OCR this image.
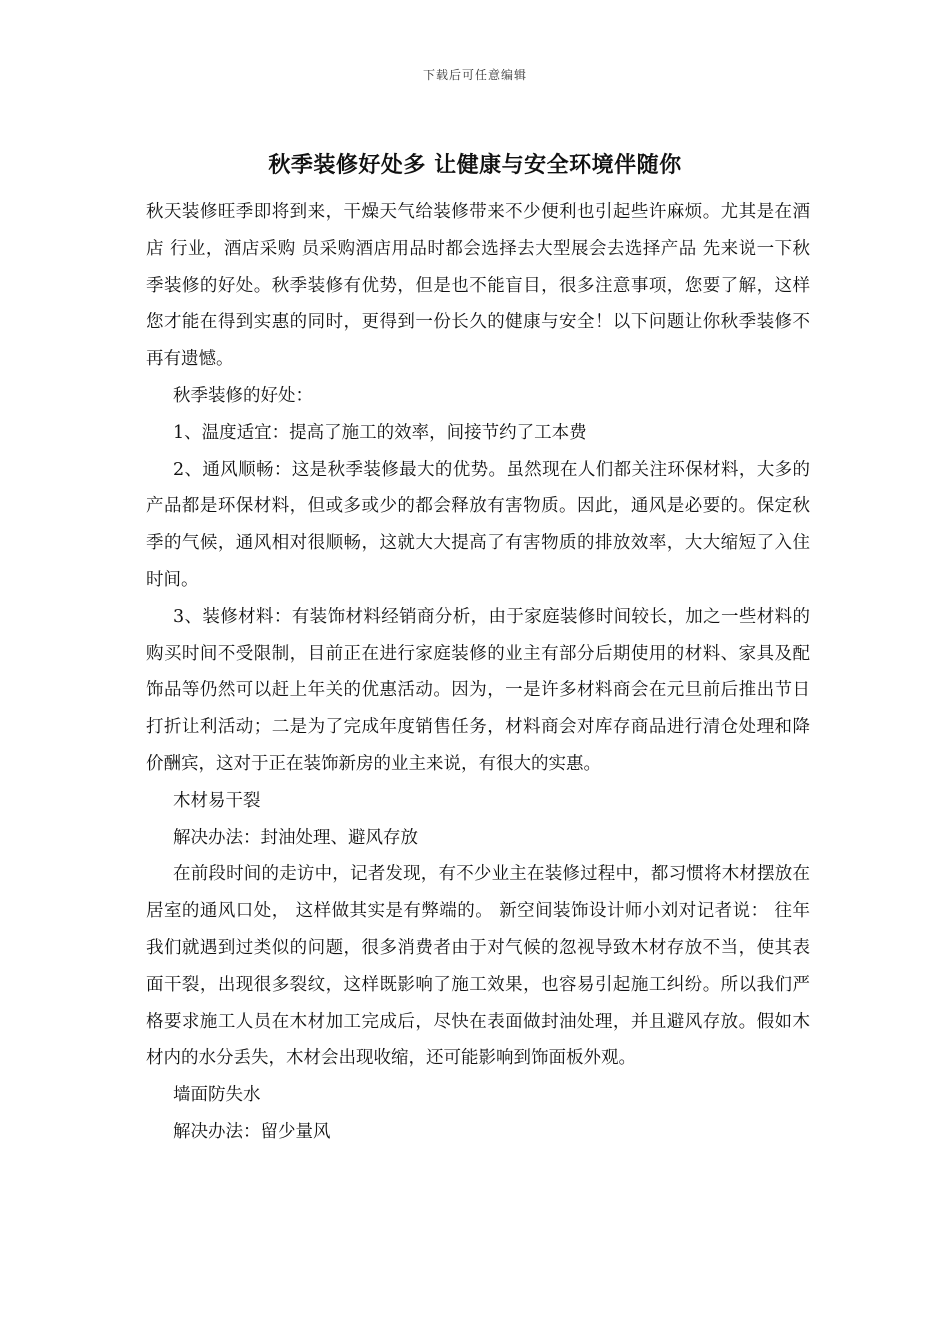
下载后可任意编辑
秋季装修好处多 让健康与安全环境伴随你

秋天装修旺季即将到来，干燥天气给装修带来不少便利也引起些许麻烦。尤其是在酒店 行业，酒店采购 员采购酒店用品时都会选择去大型展会去选择产品 先来说一下秋季装修的好处。秋季装修有优势，但是也不能盲目，很多注意事项，您要了解，这样您才能在得到实惠的同时，更得到一份长久的健康与安全！以下问题让你秋季装修不再有遗憾。

秋季装修的好处：

1、温度适宜：提高了施工的效率，间接节约了工本费

2、通风顺畅：这是秋季装修最大的优势。虽然现在人们都关注环保材料，大多的产品都是环保材料，但或多或少的都会释放有害物质。因此，通风是必要的。保定秋季的气候，通风相对很顺畅，这就大大提高了有害物质的排放效率，大大缩短了入住时间。

3、装修材料：有装饰材料经销商分析，由于家庭装修时间较长，加之一些材料的购买时间不受限制，目前正在进行家庭装修的业主有部分后期使用的材料、家具及配饰品等仍然可以赶上年关的优惠活动。因为，一是许多材料商会在元旦前后推出节日打折让利活动；二是为了完成年度销售任务，材料商会对库存商品进行清仓处理和降价酬宾，这对于正在装饰新房的业主来说，有很大的实惠。

木材易干裂

解决办法：封油处理、避风存放

在前段时间的走访中，记者发现，有不少业主在装修过程中，都习惯将木材摆放在居室的通风口处， 这样做其实是有弊端的。 新空间装饰设计师小刘对记者说： 往年我们就遇到过类似的问题，很多消费者由于对气候的忽视导致木材存放不当，使其表面干裂，出现很多裂纹，这样既影响了施工效果，也容易引起施工纠纷。所以我们严格要求施工人员在木材加工完成后，尽快在表面做封油处理，并且避风存放。假如木材内的水分丢失，木材会出现收缩，还可能影响到饰面板外观。

墙面防失水

解决办法：留少量风
